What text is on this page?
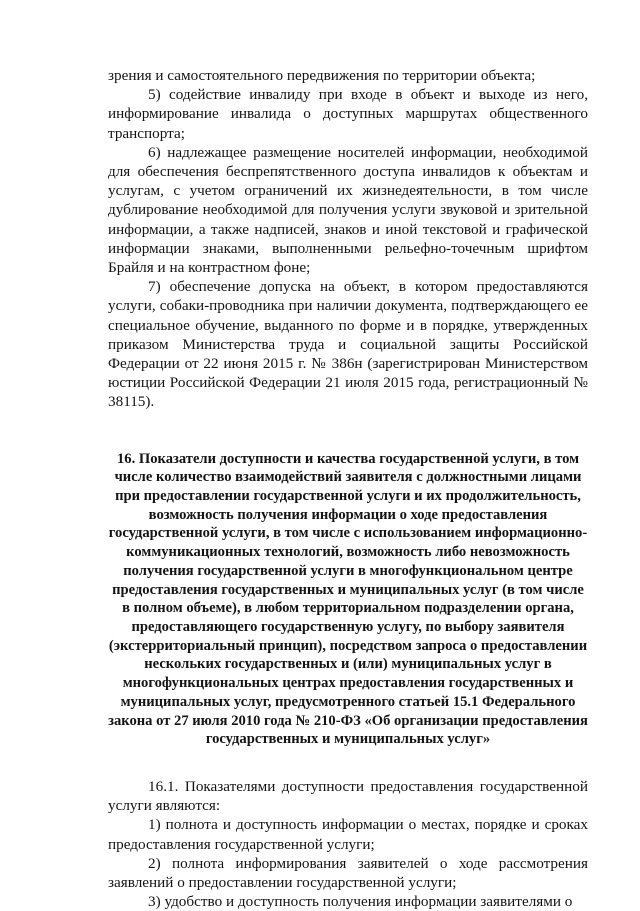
зрения и самостоятельного передвижения по территории объекта;

5) содействие инвалиду при входе в объект и выходе из него, информирование инвалида о доступных маршрутах общественного транспорта;

6) надлежащее размещение носителей информации, необходимой для обеспечения беспрепятственного доступа инвалидов к объектам и услугам, с учетом ограничений их жизнедеятельности, в том числе дублирование необходимой для получения услуги звуковой и зрительной информации, а также надписей, знаков и иной текстовой и графической информации знаками, выполненными рельефно-точечным шрифтом Брайля и на контрастном фоне;

7) обеспечение допуска на объект, в котором предоставляются услуги, собаки-проводника при наличии документа, подтверждающего ее специальное обучение, выданного по форме и в порядке, утвержденных приказом Министерства труда и социальной защиты Российской Федерации от 22 июня 2015 г. № 386н (зарегистрирован Министерством юстиции Российской Федерации 21 июля 2015 года, регистрационный № 38115).

16. Показатели доступности и качества государственной услуги, в том числе количество взаимодействий заявителя с должностными лицами при предоставлении государственной услуги и их продолжительность, возможность получения информации о ходе предоставления государственной услуги, в том числе с использованием информационно-коммуникационных технологий, возможность либо невозможность получения государственной услуги в многофункциональном центре предоставления государственных и муниципальных услуг (в том числе в полном объеме), в любом территориальном подразделении органа, предоставляющего государственную услугу, по выбору заявителя (экстерриториальный принцип), посредством запроса о предоставлении нескольких государственных и (или) муниципальных услуг в многофункциональных центрах предоставления государственных и муниципальных услуг, предусмотренного статьей 15.1 Федерального закона от 27 июля 2010 года № 210-ФЗ «Об организации предоставления государственных и муниципальных услуг»

16.1. Показателями доступности предоставления государственной услуги являются:

1) полнота и доступность информации о местах, порядке и сроках предоставления государственной услуги;

2) полнота информирования заявителей о ходе рассмотрения заявлений о предоставлении государственной услуги;

3) удобство и доступность получения информации заявителями о
